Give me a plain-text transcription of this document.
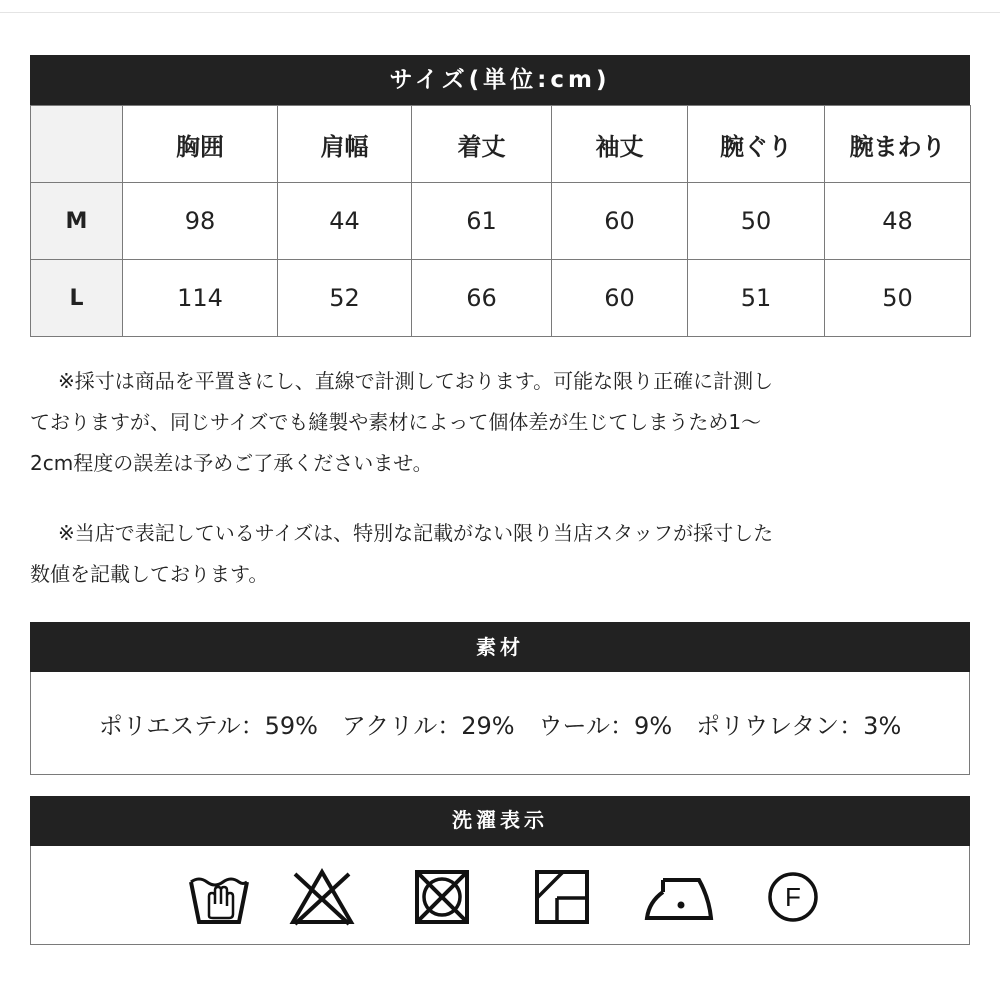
サイズ(単位:cm)
	胸囲	肩幅	着丈	袖丈	腕ぐり	腕まわり
M	98	44	61	60	50	48
L	114	52	66	60	51	50
※採寸は商品を平置きにし、直線で計測しております。可能な限り正確に計測し
ておりますが、同じサイズでも縫製や素材によって個体差が生じてしまうため1～
2cm程度の誤差は予めご了承くださいませ。
※当店で表記しているサイズは、特別な記載がない限り当店スタッフが採寸した
数値を記載しております。
素材
ポリエステル：59%　アクリル：29%　ウール：9%　ポリウレタン：3%
洗濯表示
F
